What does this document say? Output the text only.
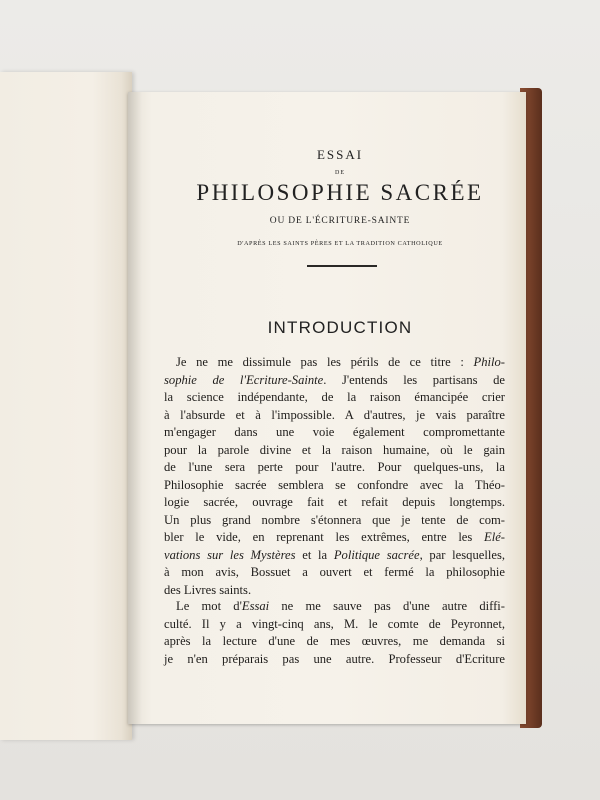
ESSAI
DE
PHILOSOPHIE SACRÉE
OU DE L'ÉCRITURE-SAINTE
D'APRÈS LES SAINTS PÈRES ET LA TRADITION CATHOLIQUE
INTRODUCTION
Je ne me dissimule pas les périls de ce titre : Philo-
sophie de l'Ecriture-Sainte. J'entends les partisans de
la science indépendante, de la raison émancipée crier
à l'absurde et à l'impossible. A d'autres, je vais paraître
m'engager dans une voie également compromettante
pour la parole divine et la raison humaine, où le gain
de l'une sera perte pour l'autre. Pour quelques-uns, la
Philosophie sacrée semblera se confondre avec la Théo-
logie sacrée, ouvrage fait et refait depuis longtemps.
Un plus grand nombre s'étonnera que je tente de com-
bler le vide, en reprenant les extrêmes, entre les Elé-
vations sur les Mystères et la Politique sacrée, par lesquelles,
à mon avis, Bossuet a ouvert et fermé la philosophie
des Livres saints.
Le mot d'Essai ne me sauve pas d'une autre diffi-
culté. Il y a vingt-cinq ans, M. le comte de Peyronnet,
après la lecture d'une de mes œuvres, me demanda si
je n'en préparais pas une autre. Professeur d'Ecriture
